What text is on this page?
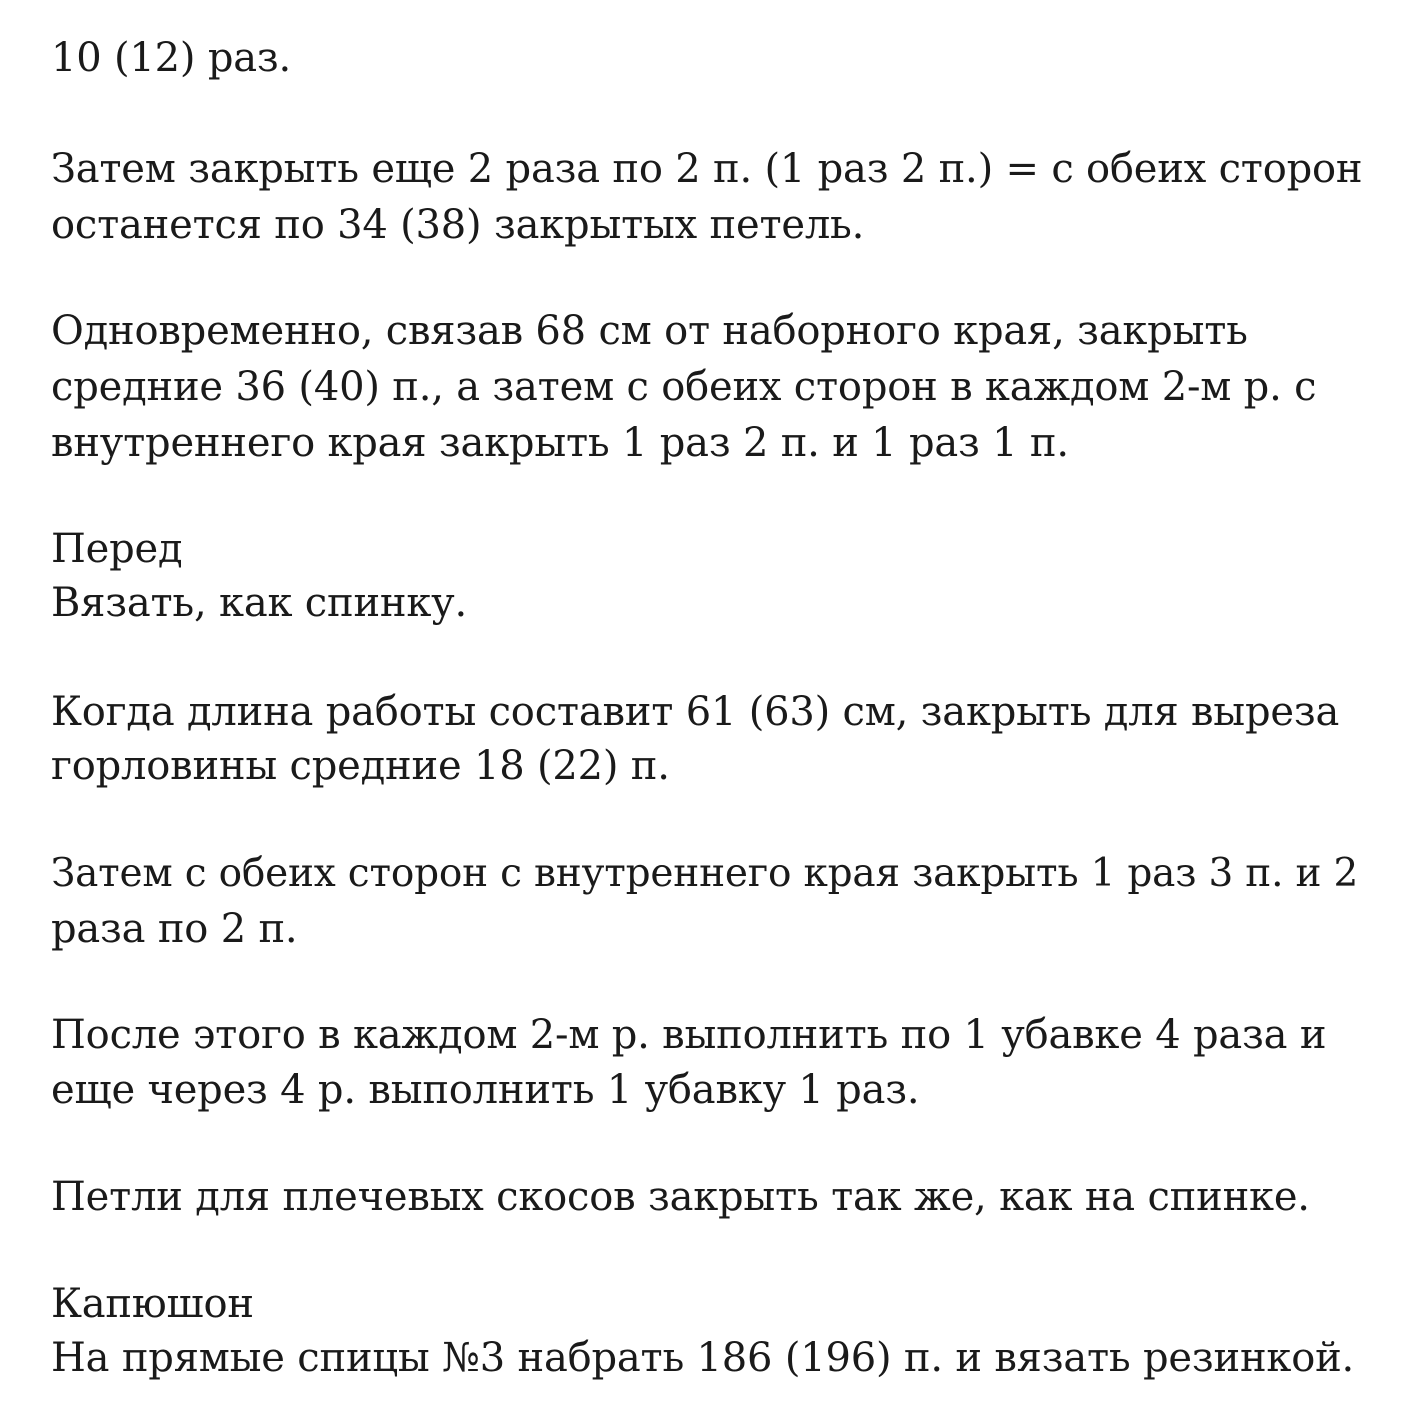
10 (12) раз.
Затем закрыть еще 2 раза по 2 п. (1 раз 2 п.) = с обеих сторон
останется по 34 (38) закрытых петель.
Одновременно, связав 68 см от наборного края, закрыть
средние 36 (40) п., а затем с обеих сторон в каждом 2-м р. с
внутреннего края закрыть 1 раз 2 п. и 1 раз 1 п.
Перед
Вязать, как спинку.
Когда длина работы составит 61 (63) см, закрыть для выреза
горловины средние 18 (22) п.
Затем с обеих сторон с внутреннего края закрыть 1 раз 3 п. и 2
раза по 2 п.
После этого в каждом 2-м р. выполнить по 1 убавке 4 раза и
еще через 4 р. выполнить 1 убавку 1 раз.
Петли для плечевых скосов закрыть так же, как на спинке.
Капюшон
На прямые спицы №3 набрать 186 (196) п. и вязать резинкой.
